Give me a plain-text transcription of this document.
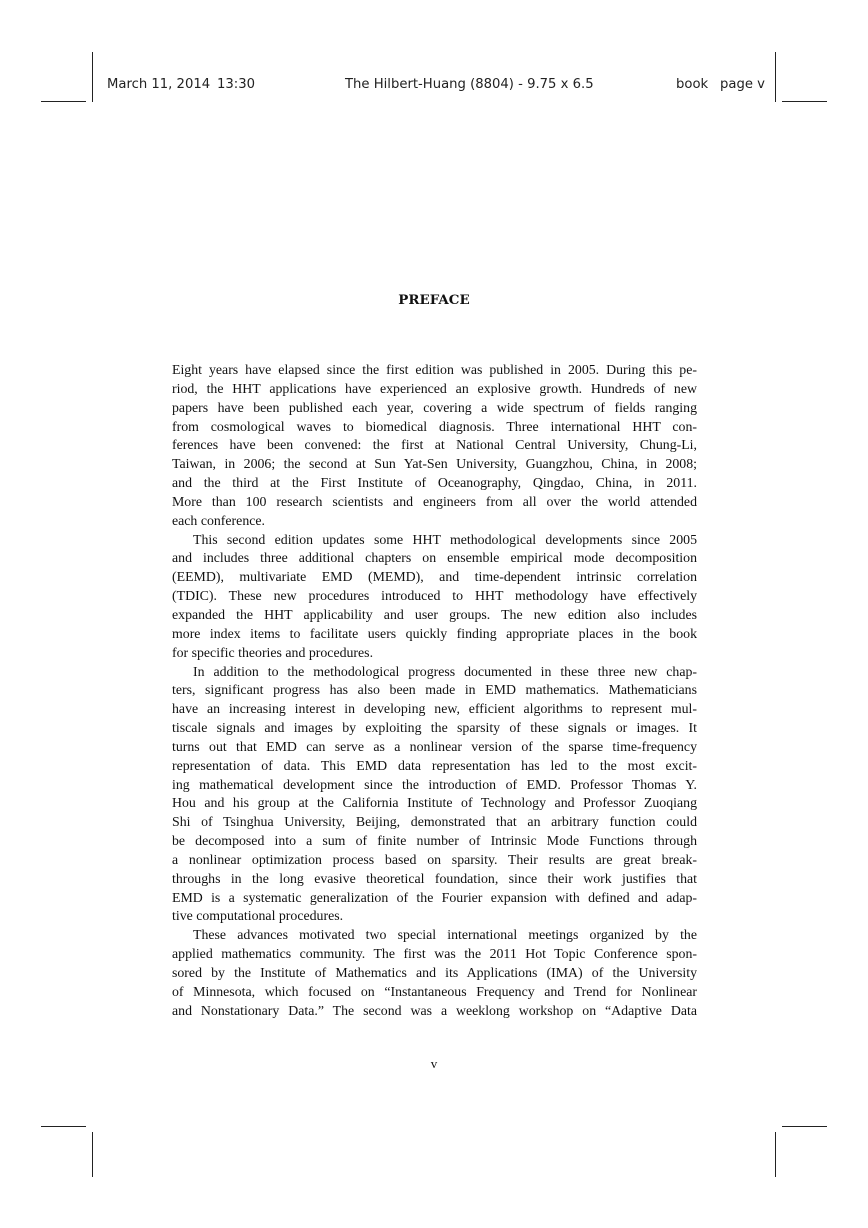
March 11, 2014 13:30	The Hilbert-Huang (8804) - 9.75 x 6.5	book page v
PREFACE

Eight years have elapsed since the first edition was published in 2005. During this pe-

riod, the HHT applications have experienced an explosive growth. Hundreds of new

papers have been published each year, covering a wide spectrum of fields ranging

from cosmological waves to biomedical diagnosis. Three international HHT con-

ferences have been convened: the first at National Central University, Chung-Li,

Taiwan, in 2006; the second at Sun Yat-Sen University, Guangzhou, China, in 2008;

and the third at the First Institute of Oceanography, Qingdao, China, in 2011.

More than 100 research scientists and engineers from all over the world attended

each conference.

This second edition updates some HHT methodological developments since 2005

and includes three additional chapters on ensemble empirical mode decomposition

(EEMD), multivariate EMD (MEMD), and time-dependent intrinsic correlation

(TDIC). These new procedures introduced to HHT methodology have effectively

expanded the HHT applicability and user groups. The new edition also includes

more index items to facilitate users quickly finding appropriate places in the book

for specific theories and procedures.

In addition to the methodological progress documented in these three new chap-

ters, significant progress has also been made in EMD mathematics. Mathematicians

have an increasing interest in developing new, efficient algorithms to represent mul-

tiscale signals and images by exploiting the sparsity of these signals or images. It

turns out that EMD can serve as a nonlinear version of the sparse time-frequency

representation of data. This EMD data representation has led to the most excit-

ing mathematical development since the introduction of EMD. Professor Thomas Y.

Hou and his group at the California Institute of Technology and Professor Zuoqiang

Shi of Tsinghua University, Beijing, demonstrated that an arbitrary function could

be decomposed into a sum of finite number of Intrinsic Mode Functions through

a nonlinear optimization process based on sparsity. Their results are great break-

throughs in the long evasive theoretical foundation, since their work justifies that

EMD is a systematic generalization of the Fourier expansion with defined and adap-

tive computational procedures.

These advances motivated two special international meetings organized by the

applied mathematics community. The first was the 2011 Hot Topic Conference spon-

sored by the Institute of Mathematics and its Applications (IMA) of the University

of Minnesota, which focused on “Instantaneous Frequency and Trend for Nonlinear

and Nonstationary Data.” The second was a weeklong workshop on “Adaptive Data

v
